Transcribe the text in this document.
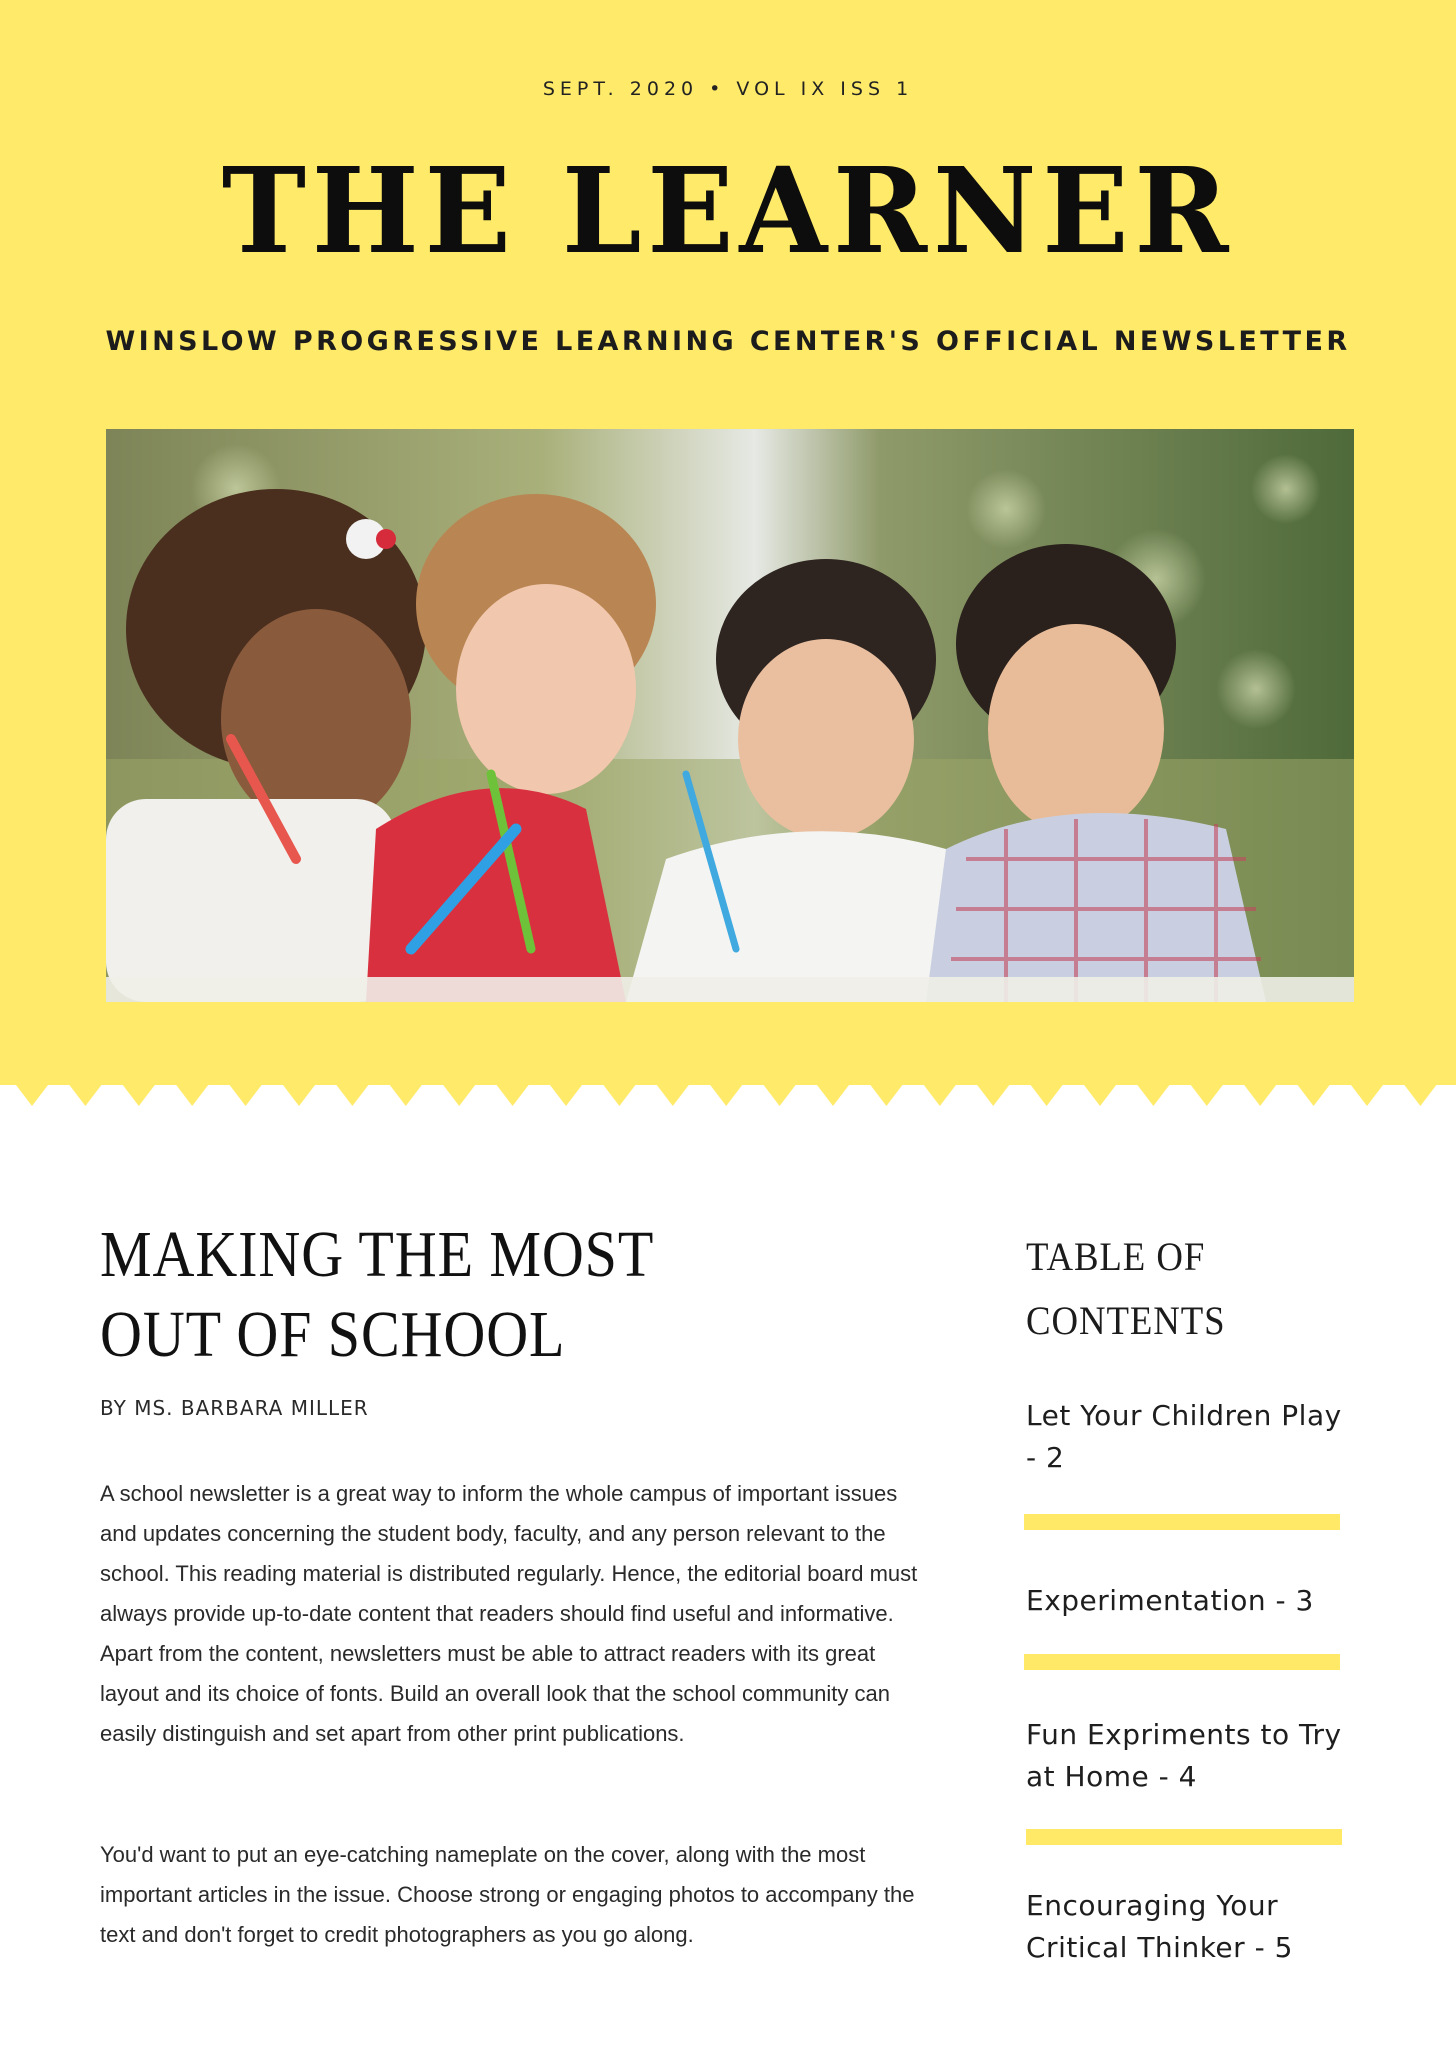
SEPT. 2020 • VOL IX ISS 1
THE LEARNER
WINSLOW PROGRESSIVE LEARNING CENTER'S OFFICIAL NEWSLETTER
MAKING THE MOST
OUT OF SCHOOL
BY MS. BARBARA MILLER

A school newsletter is a great way to inform the whole campus of important issues and updates concerning the student body, faculty, and any person relevant to the school. This reading material is distributed regularly. Hence, the editorial board must always provide up-to-date content that readers should find useful and informative. Apart from the content, newsletters must be able to attract readers with its great layout and its choice of fonts. Build an overall look that the school community can easily distinguish and set apart from other print publications.

You'd want to put an eye-catching nameplate on the cover, along with the most important articles in the issue. Choose strong or engaging photos to accompany the text and don't forget to credit photographers as you go along.

TABLE OF
CONTENTS
Let Your Children Play - 2
Experimentation - 3
Fun Expriments to Try at Home - 4
Encouraging Your Critical Thinker - 5
